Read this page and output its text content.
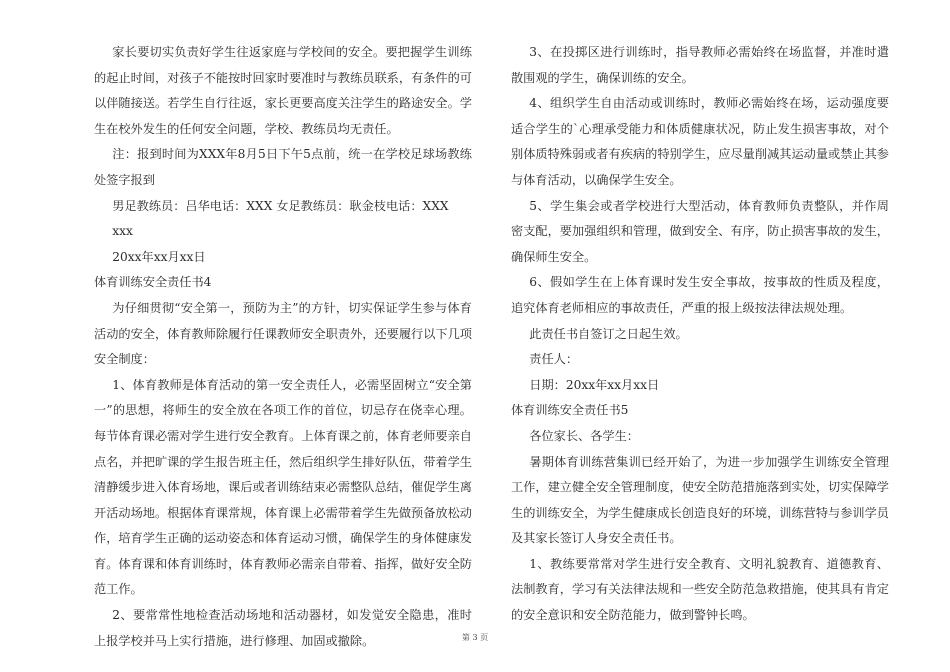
家长要切实负责好学生往返家庭与学校间的安全。要把握学生训练的起止时间，对孩子不能按时回家时要准时与教练员联系，有条件的可以伴随接送。若学生自行往返，家长更要高度关注学生的路途安全。学生在校外发生的任何安全问题，学校、教练员均无责任。

注：报到时间为XXX年8月5日下午5点前，统一在学校足球场教练处签字报到

男足教练员：吕华电话：XXX 女足教练员：耿金枝电话：XXX

xxx

20xx年xx月xx日

体育训练安全责任书4

为仔细贯彻“安全第一，预防为主”的方针，切实保证学生参与体育活动的安全，体育教师除履行任课教师安全职责外，还要履行以下几项安全制度：

1、体育教师是体育活动的第一安全责任人，必需坚固树立“安全第一”的思想，将师生的安全放在各项工作的首位，切忌存在侥幸心理。每节体育课必需对学生进行安全教育。上体育课之前，体育老师要亲自点名，并把旷课的学生报告班主任，然后组织学生排好队伍，带着学生清静缓步进入体育场地，课后或者训练结束必需整队总结，催促学生离开活动场地。根据体育课常规，体育课上必需带着学生先做预备放松动作，培育学生正确的运动姿态和体育运动习惯，确保学生的身体健康发育。体育课和体育训练时，体育教师必需亲自带着、指挥，做好安全防范工作。

2、要常常性地检查活动场地和活动器材，如发觉安全隐患，准时上报学校并马上实行措施，进行修理、加固或撤除。

3、在投掷区进行训练时，指导教师必需始终在场监督，并准时遣散围观的学生，确保训练的安全。

4、组织学生自由活动或训练时，教师必需始终在场，运动强度要适合学生的`心理承受能力和体质健康状况，防止发生损害事故，对个别体质特殊弱或者有疾病的特别学生，应尽量削减其运动量或禁止其参与体育活动，以确保学生安全。

5、学生集会或者学校进行大型活动，体育教师负责整队，并作周密支配，要加强组织和管理，做到安全、有序，防止损害事故的发生，确保师生安全。

6、假如学生在上体育课时发生安全事故，按事故的性质及程度，追究体育老师相应的事故责任，严重的报上级按法律法规处理。

此责任书自签订之日起生效。

责任人：

日期：20xx年xx月xx日

体育训练安全责任书5

各位家长、各学生：

暑期体育训练营集训已经开始了，为进一步加强学生训练安全管理工作，建立健全安全管理制度，使安全防范措施落到实处，切实保障学生的训练安全，为学生健康成长创造良好的环境，训练营特与参训学员及其家长签订人身安全责任书。

1、教练要常常对学生进行安全教育、文明礼貌教育、道德教育、法制教育，学习有关法律法规和一些安全防范急救措施，使其具有肯定的安全意识和安全防范能力，做到警钟长鸣。

第 3 页
